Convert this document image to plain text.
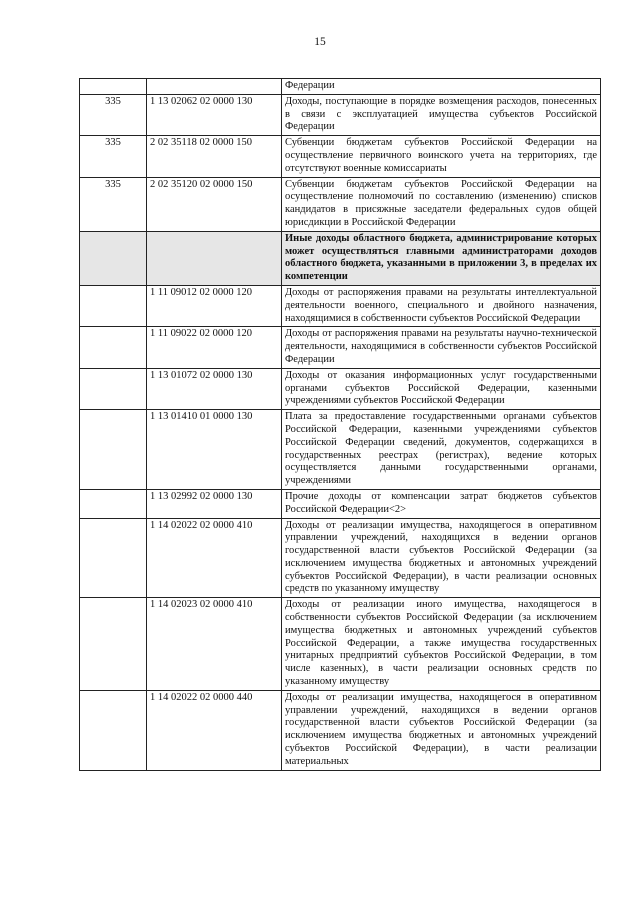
15
		Федерации
335	1 13 02062 02 0000 130	Доходы, поступающие в порядке возмещения расходов, понесенных в связи с эксплуатацией имущества субъектов Российской Федерации
335	2 02 35118 02 0000 150	Субвенции бюджетам субъектов Российской Федерации на осуществление первичного воинского учета на территориях, где отсутствуют военные комиссариаты
335	2 02 35120 02 0000 150	Субвенции бюджетам субъектов Российской Федерации на осуществление полномочий по составлению (изменению) списков кандидатов в присяжные заседатели федеральных судов общей юрисдикции в Российской Федерации
		Иные доходы областного бюджета, администрирование которых может осуществляться главными администраторами доходов областного бюджета, указанными в приложении 3, в пределах их компетенции
	1 11 09012 02 0000 120	Доходы от распоряжения правами на результаты интеллектуальной деятельности военного, специального и двойного назначения, находящимися в собственности субъектов Российской Федерации
	1 11 09022 02 0000 120	Доходы от распоряжения правами на результаты научно-технической деятельности, находящимися в собственности субъектов Российской Федерации
	1 13 01072 02 0000 130	Доходы от оказания информационных услуг государственными органами субъектов Российской Федерации, казенными учреждениями субъектов Российской Федерации
	1 13 01410 01 0000 130	Плата за предоставление государственными органами субъектов Российской Федерации, казенными учреждениями субъектов Российской Федерации сведений, документов, содержащихся в государственных реестрах (регистрах), ведение которых осуществляется данными государственными органами, учреждениями
	1 13 02992 02 0000 130	Прочие доходы от компенсации затрат бюджетов субъектов Российской Федерации<2>
	1 14 02022 02 0000 410	Доходы от реализации имущества, находящегося в оперативном управлении учреждений, находящихся в ведении органов государственной власти субъектов Российской Федерации (за исключением имущества бюджетных и автономных учреждений субъектов Российской Федерации), в части реализации основных средств по указанному имуществу
	1 14 02023 02 0000 410	Доходы от реализации иного имущества, находящегося в собственности субъектов Российской Федерации (за исключением имущества бюджетных и автономных учреждений субъектов Российской Федерации, а также имущества государственных унитарных предприятий субъектов Российской Федерации, в том числе казенных), в части реализации основных средств по указанному имуществу
	1 14 02022 02 0000 440	Доходы от реализации имущества, находящегося в оперативном управлении учреждений, находящихся в ведении органов государственной власти субъектов Российской Федерации (за исключением имущества бюджетных и автономных учреждений субъектов Российской Федерации), в части реализации материальных
